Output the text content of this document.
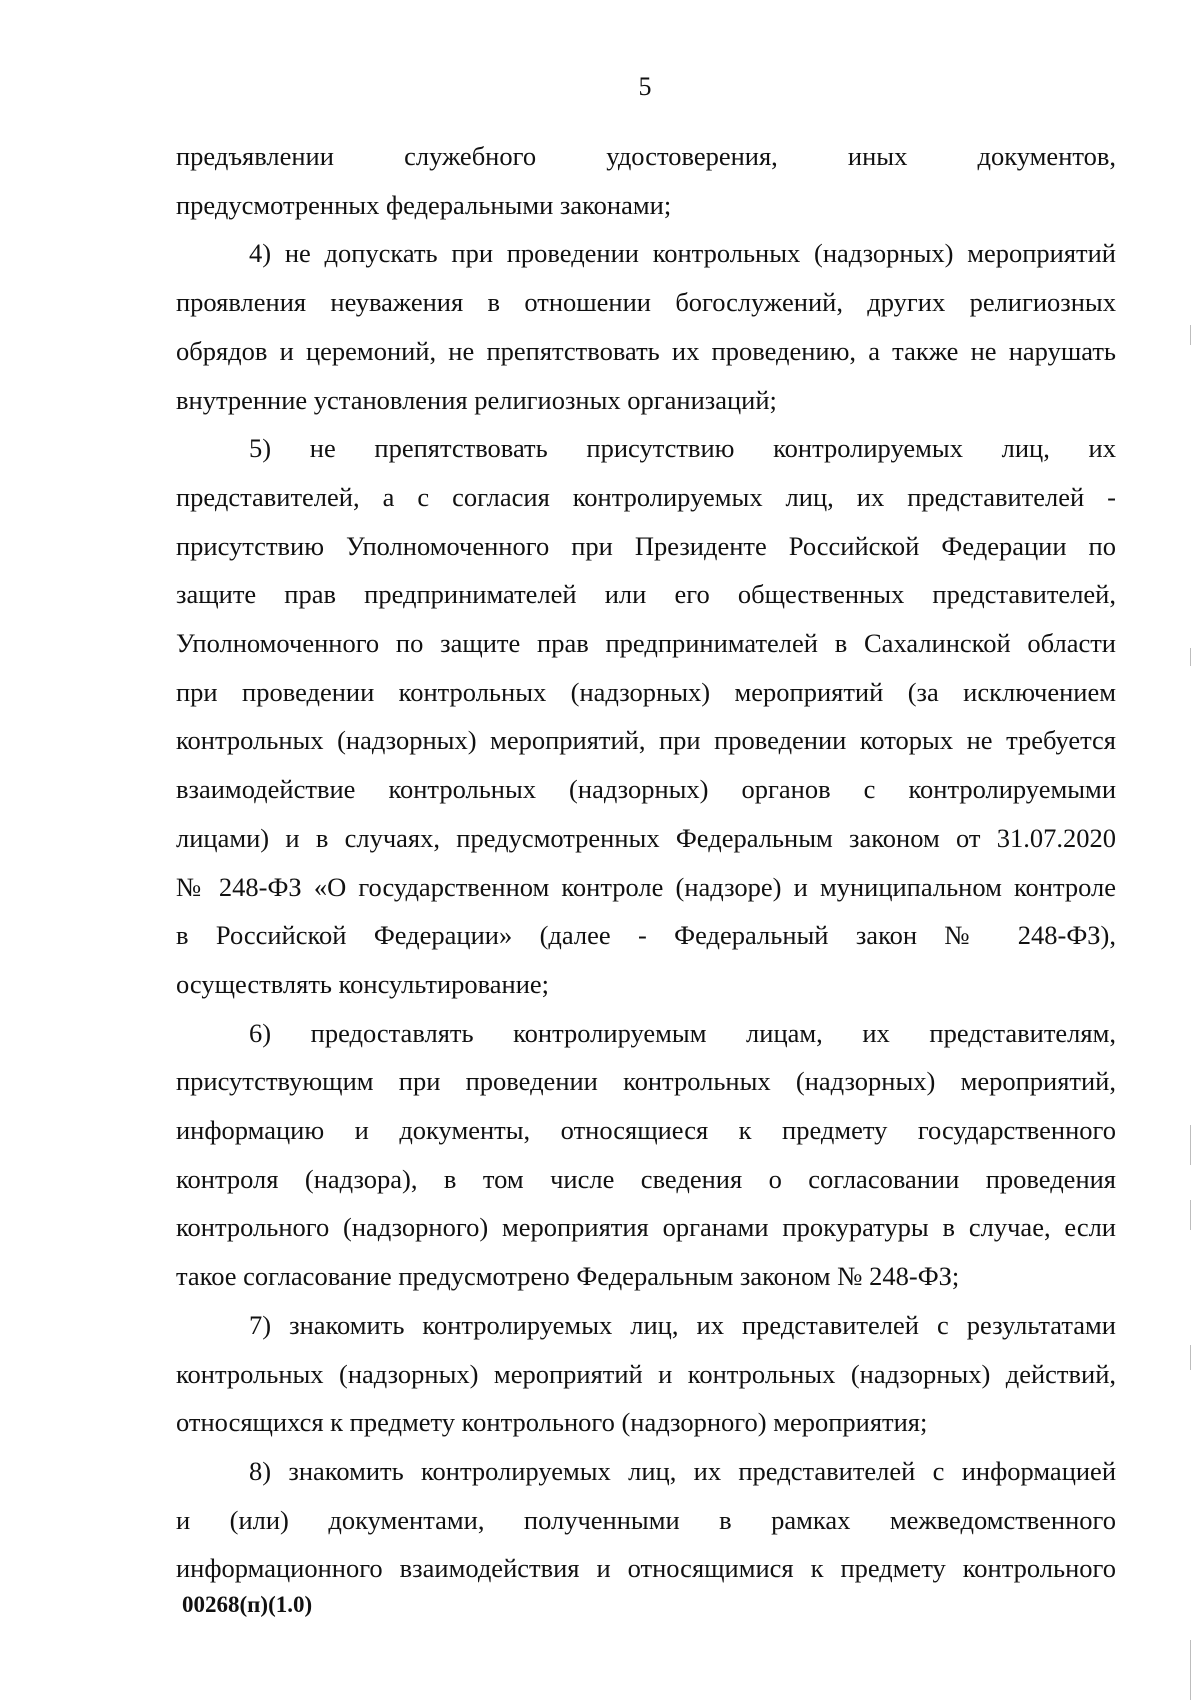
5
предъявлении служебного удостоверения, иных документов,
предусмотренных федеральными законами;
4) не допускать при проведении контрольных (надзорных) мероприятий
проявления неуважения в отношении богослужений, других религиозных
обрядов и церемоний, не препятствовать их проведению, а также не нарушать
внутренние установления религиозных организаций;
5) не препятствовать присутствию контролируемых лиц, их
представителей, а с согласия контролируемых лиц, их представителей -
присутствию Уполномоченного при Президенте Российской Федерации по
защите прав предпринимателей или его общественных представителей,
Уполномоченного по защите прав предпринимателей в Сахалинской области
при проведении контрольных (надзорных) мероприятий (за исключением
контрольных (надзорных) мероприятий, при проведении которых не требуется
взаимодействие контрольных (надзорных) органов с контролируемыми
лицами) и в случаях, предусмотренных Федеральным законом от 31.07.2020
№ 248-ФЗ «О государственном контроле (надзоре) и муниципальном контроле
в Российской Федерации» (далее - Федеральный закон № 248-ФЗ),
осуществлять консультирование;
6) предоставлять контролируемым лицам, их представителям,
присутствующим при проведении контрольных (надзорных) мероприятий,
информацию и документы, относящиеся к предмету государственного
контроля (надзора), в том числе сведения о согласовании проведения
контрольного (надзорного) мероприятия органами прокуратуры в случае, если
такое согласование предусмотрено Федеральным законом № 248-ФЗ;
7) знакомить контролируемых лиц, их представителей с результатами
контрольных (надзорных) мероприятий и контрольных (надзорных) действий,
относящихся к предмету контрольного (надзорного) мероприятия;
8) знакомить контролируемых лиц, их представителей с информацией
и (или) документами, полученными в рамках межведомственного
информационного взаимодействия и относящимися к предмету контрольного
00268(п)(1.0)
